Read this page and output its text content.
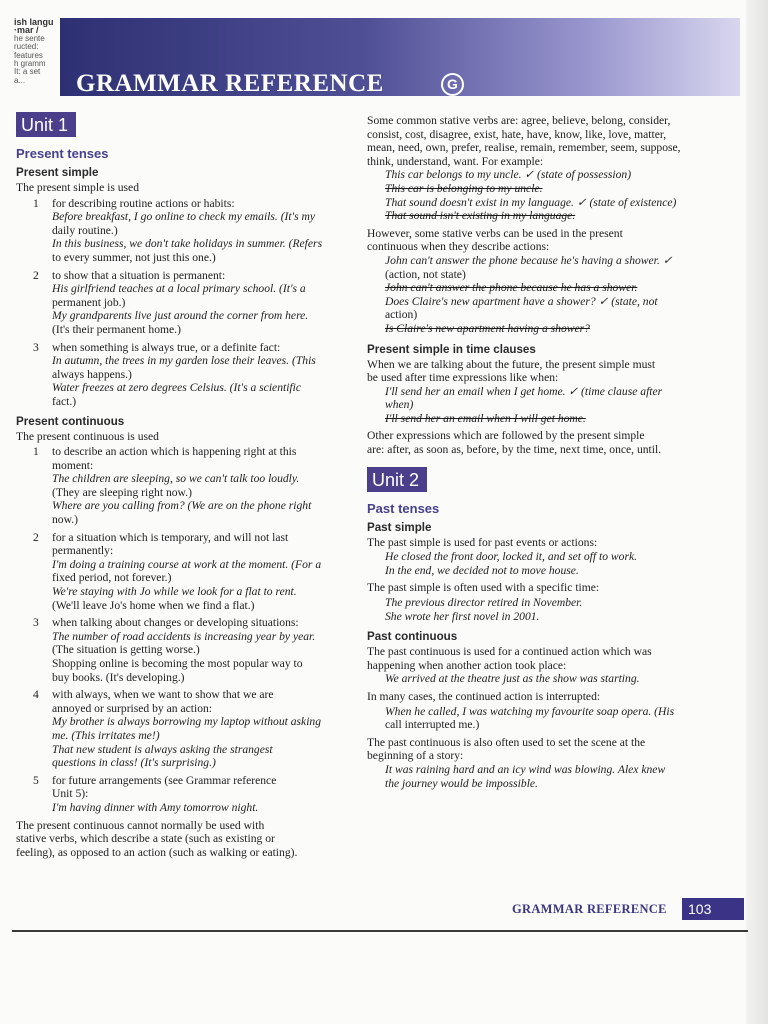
ish langu
·mar /
he sente
ructed:
features
h gramm
It: a set
a...	GRAMMAR REFERENCE	G
Unit 1
Present tenses
Present simple
The present simple is used
1 for describing routine actions or habits:
Before breakfast, I go online to check my emails. (It's my
daily routine.)
In this business, we don't take holidays in summer. (Refers
to every summer, not just this one.)
2 to show that a situation is permanent:
His girlfriend teaches at a local primary school. (It's a
permanent job.)
My grandparents live just around the corner from here.
(It's their permanent home.)
3 when something is always true, or a definite fact:
In autumn, the trees in my garden lose their leaves. (This
always happens.)
Water freezes at zero degrees Celsius. (It's a scientific
fact.)
Present continuous
The present continuous is used
1 to describe an action which is happening right at this
moment:
The children are sleeping, so we can't talk too loudly.
(They are sleeping right now.)
Where are you calling from? (We are on the phone right
now.)
2 for a situation which is temporary, and will not last
permanently:
I'm doing a training course at work at the moment. (For a
fixed period, not forever.)
We're staying with Jo while we look for a flat to rent.
(We'll leave Jo's home when we find a flat.)
3 when talking about changes or developing situations:
The number of road accidents is increasing year by year.
(The situation is getting worse.)
Shopping online is becoming the most popular way to
buy books. (It's developing.)
4 with always, when we want to show that we are
annoyed or surprised by an action:
My brother is always borrowing my laptop without asking
me. (This irritates me!)
That new student is always asking the strangest
questions in class! (It's surprising.)
5 for future arrangements (see Grammar reference
Unit 5):
I'm having dinner with Amy tomorrow night.
The present continuous cannot normally be used with
stative verbs, which describe a state (such as existing or
feeling), as opposed to an action (such as walking or eating).
Some common stative verbs are: agree, believe, belong, consider,
consist, cost, disagree, exist, hate, have, know, like, love, matter,
mean, need, own, prefer, realise, remain, remember, seem, suppose,
think, understand, want. For example:
This car belongs to my uncle. ✓ (state of possession)
This car is belonging to my uncle.
That sound doesn't exist in my language. ✓ (state of existence)
That sound isn't existing in my language.
However, some stative verbs can be used in the present
continuous when they describe actions:
John can't answer the phone because he's having a shower. ✓
(action, not state)
John can't answer the phone because he has a shower.
Does Claire's new apartment have a shower? ✓ (state, not
action)
Is Claire's new apartment having a shower?
Present simple in time clauses
When we are talking about the future, the present simple must
be used after time expressions like when:
I'll send her an email when I get home. ✓ (time clause after
when)
I'll send her an email when I will get home.
Other expressions which are followed by the present simple
are: after, as soon as, before, by the time, next time, once, until.
Unit 2
Past tenses
Past simple
The past simple is used for past events or actions:
He closed the front door, locked it, and set off to work.
In the end, we decided not to move house.
The past simple is often used with a specific time:
The previous director retired in November.
She wrote her first novel in 2001.
Past continuous
The past continuous is used for a continued action which was
happening when another action took place:
We arrived at the theatre just as the show was starting.
In many cases, the continued action is interrupted:
When he called, I was watching my favourite soap opera. (His
call interrupted me.)
The past continuous is also often used to set the scene at the
beginning of a story:
It was raining hard and an icy wind was blowing. Alex knew
the journey would be impossible.
GRAMMAR REFERENCE	103
